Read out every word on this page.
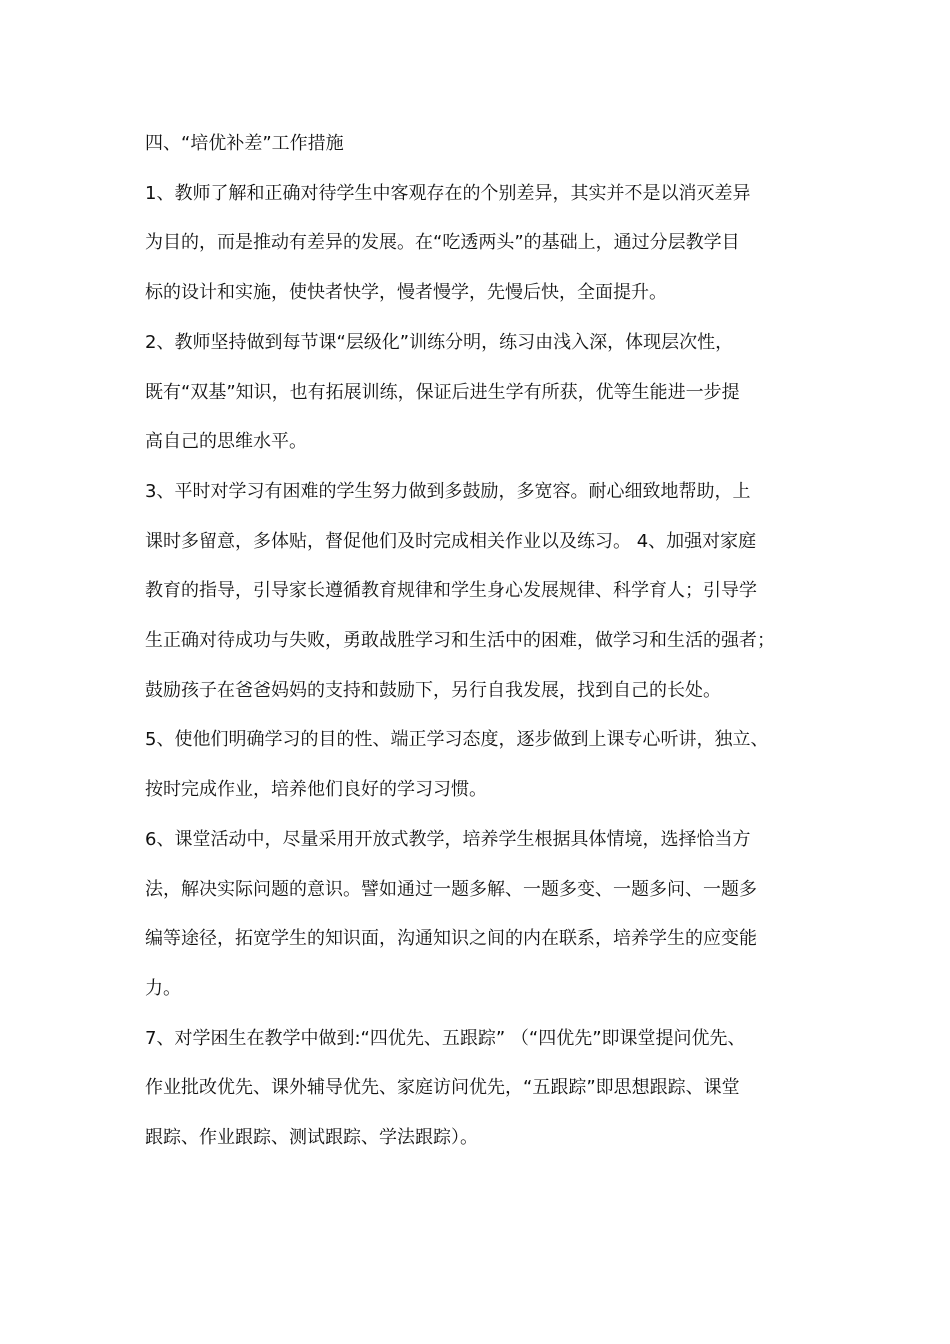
四、“培优补差”工作措施
1、教师了解和正确对待学生中客观存在的个别差异，其实并不是以消灭差异
为目的，而是推动有差异的发展。在“吃透两头”的基础上，通过分层教学目
标的设计和实施，使快者快学，慢者慢学，先慢后快，全面提升。
2、教师坚持做到每节课“层级化”训练分明，练习由浅入深，体现层次性，
既有“双基”知识，也有拓展训练，保证后进生学有所获，优等生能进一步提
高自己的思维水平。
3、平时对学习有困难的学生努力做到多鼓励，多宽容。耐心细致地帮助，上
课时多留意，多体贴，督促他们及时完成相关作业以及练习。 4、加强对家庭
教育的指导，引导家长遵循教育规律和学生身心发展规律、科学育人；引导学
生正确对待成功与失败，勇敢战胜学习和生活中的困难，做学习和生活的强者；
鼓励孩子在爸爸妈妈的支持和鼓励下，另行自我发展，找到自己的长处。
5、使他们明确学习的目的性、端正学习态度，逐步做到上课专心听讲，独立、
按时完成作业，培养他们良好的学习习惯。
6、课堂活动中，尽量采用开放式教学，培养学生根据具体情境，选择恰当方
法，解决实际问题的意识。譬如通过一题多解、一题多变、一题多问、一题多
编等途径，拓宽学生的知识面，沟通知识之间的内在联系，培养学生的应变能
力。
7、对学困生在教学中做到:“四优先、五跟踪” （“四优先”即课堂提问优先、
作业批改优先、课外辅导优先、家庭访问优先，“五跟踪”即思想跟踪、课堂
跟踪、作业跟踪、测试跟踪、学法跟踪）。
